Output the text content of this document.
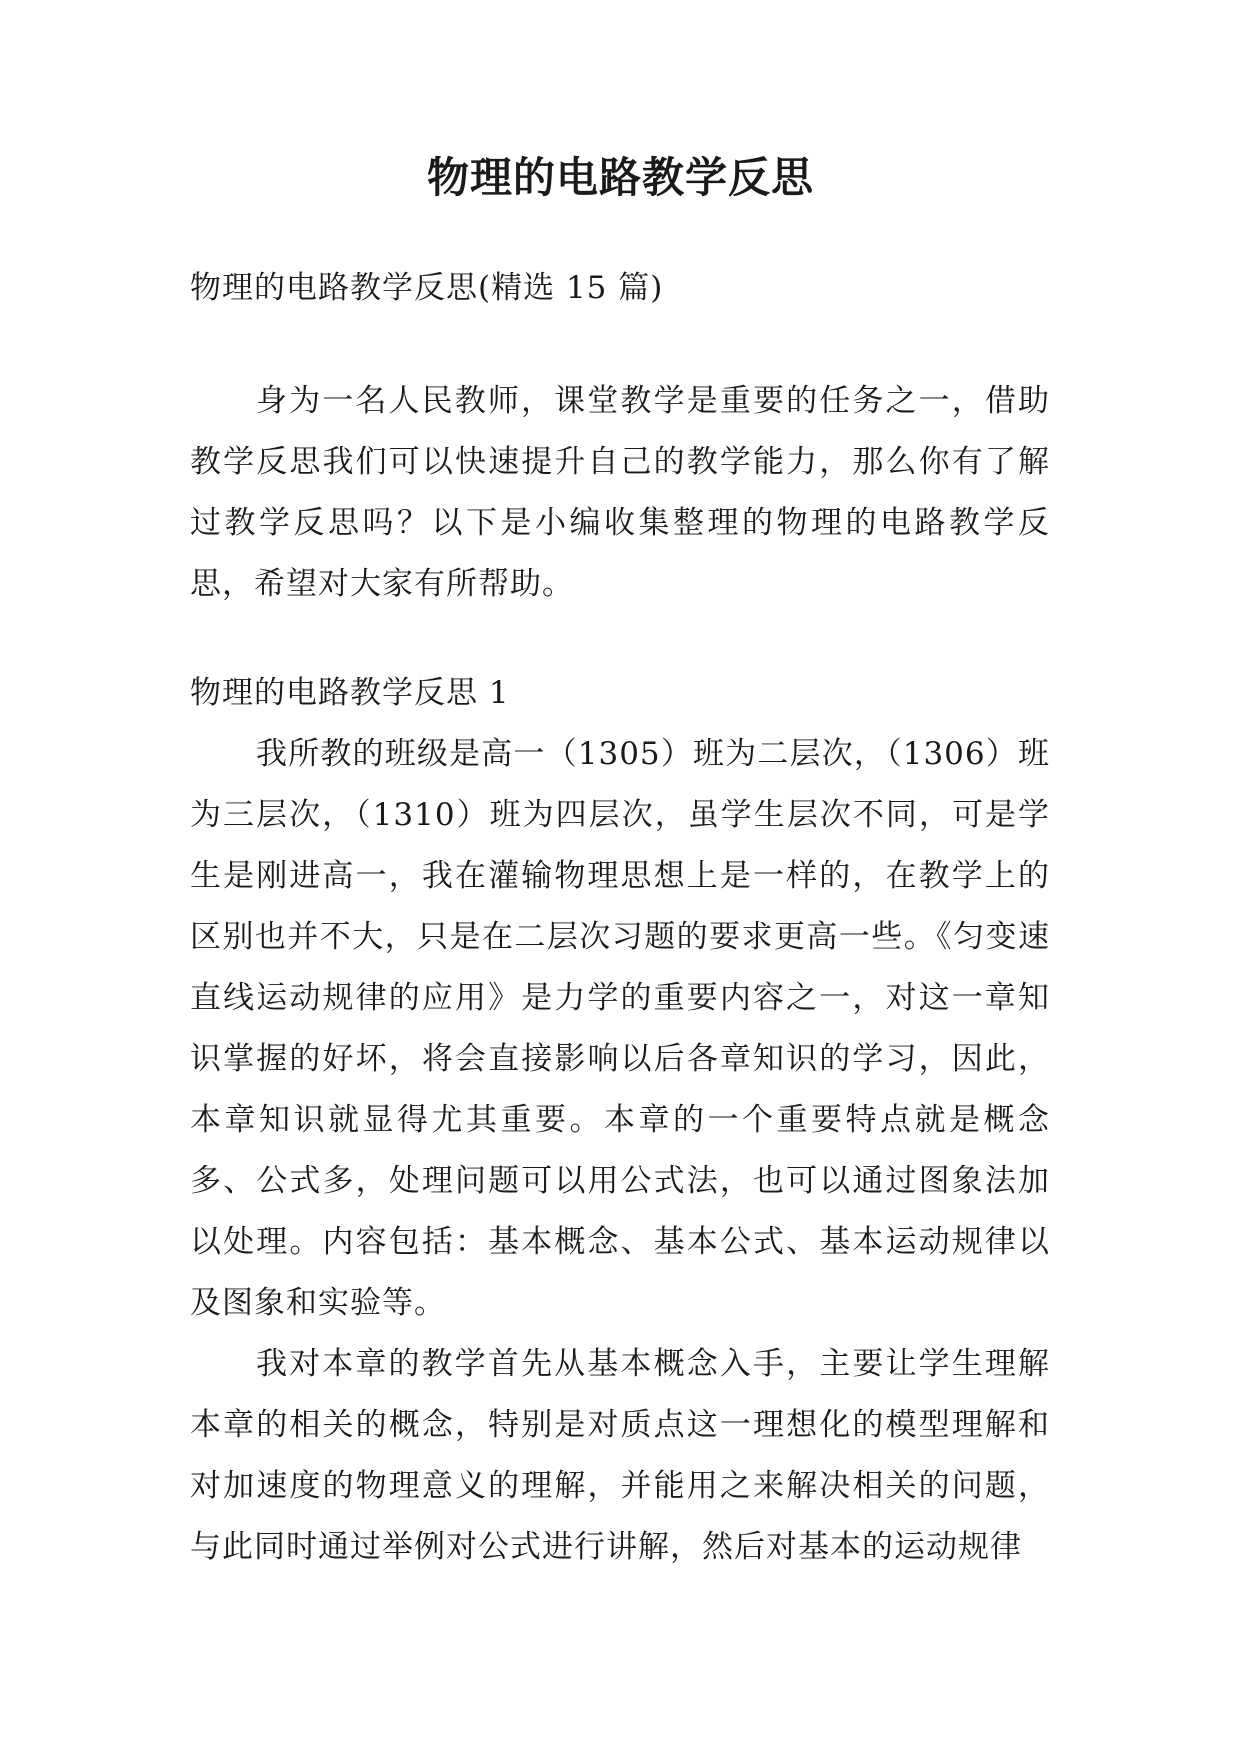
物理的电路教学反思

物理的电路教学反思(精选 15 篇)

身为一名人民教师，课堂教学是重要的任务之一，借助教学反思我们可以快速提升自己的教学能力，那么你有了解过教学反思吗？以下是小编收集整理的物理的电路教学反思，希望对大家有所帮助。

物理的电路教学反思 1

我所教的班级是高一（1305）班为二层次，（1306）班为三层次，（1310）班为四层次，虽学生层次不同，可是学生是刚进高一，我在灌输物理思想上是一样的，在教学上的区别也并不大，只是在二层次习题的要求更高一些。《匀变速直线运动规律的应用》是力学的重要内容之一，对这一章知识掌握的好坏，将会直接影响以后各章知识的学习，因此，本章知识就显得尤其重要。本章的一个重要特点就是概念多、公式多，处理问题可以用公式法，也可以通过图象法加以处理。内容包括：基本概念、基本公式、基本运动规律以及图象和实验等。

我对本章的教学首先从基本概念入手，主要让学生理解本章的相关的概念，特别是对质点这一理想化的模型理解和对加速度的物理意义的理解，并能用之来解决相关的问题，与此同时通过举例对公式进行讲解，然后对基本的运动规律
